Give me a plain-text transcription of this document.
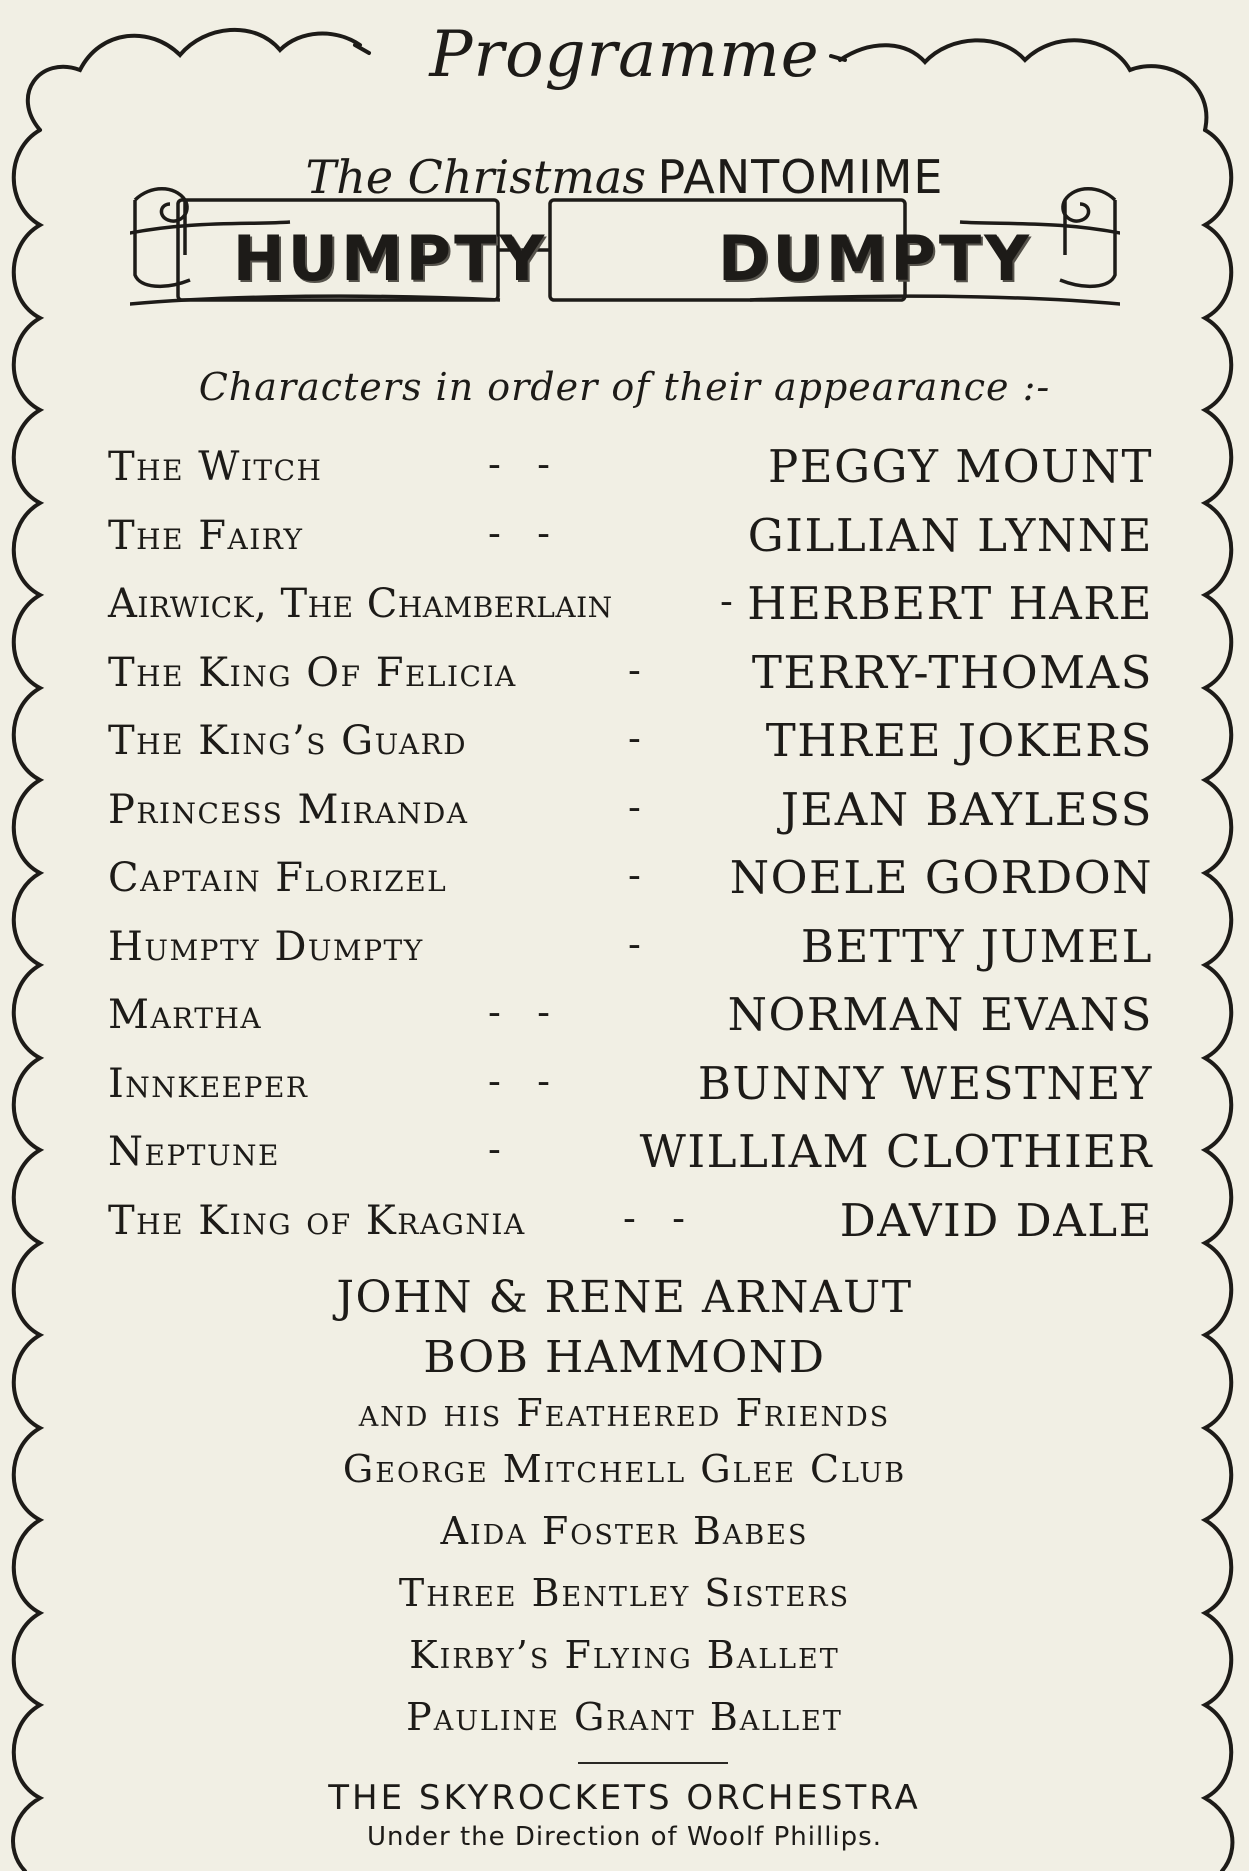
Programme
The Christmas PANTOMIME
HUMPTY	DUMPTY
Characters in order of their appearance :-
The Witch	-   -	PEGGY MOUNT
The Fairy	-   -	GILLIAN LYNNE
Airwick, The Chamberlain	- HERBERT HARE
The King Of Felicia	- TERRY-THOMAS
The King’s Guard	-	THREE JOKERS
Princess Miranda	-	JEAN BAYLESS
Captain Florizel	- NOELE GORDON
Humpty Dumpty	-	BETTY JUMEL
Martha	-   -	NORMAN EVANS
Innkeeper	-   -	BUNNY WESTNEY
Neptune	-	WILLIAM CLOTHIER
The King of Kragnia	-   -	DAVID DALE
JOHN & RENE ARNAUT
BOB HAMMOND
and his Feathered Friends
George Mitchell Glee Club
Aida Foster Babes
Three Bentley Sisters
Kirby’s Flying Ballet
Pauline Grant Ballet
THE SKYROCKETS ORCHESTRA
Under the Direction of Woolf Phillips.
